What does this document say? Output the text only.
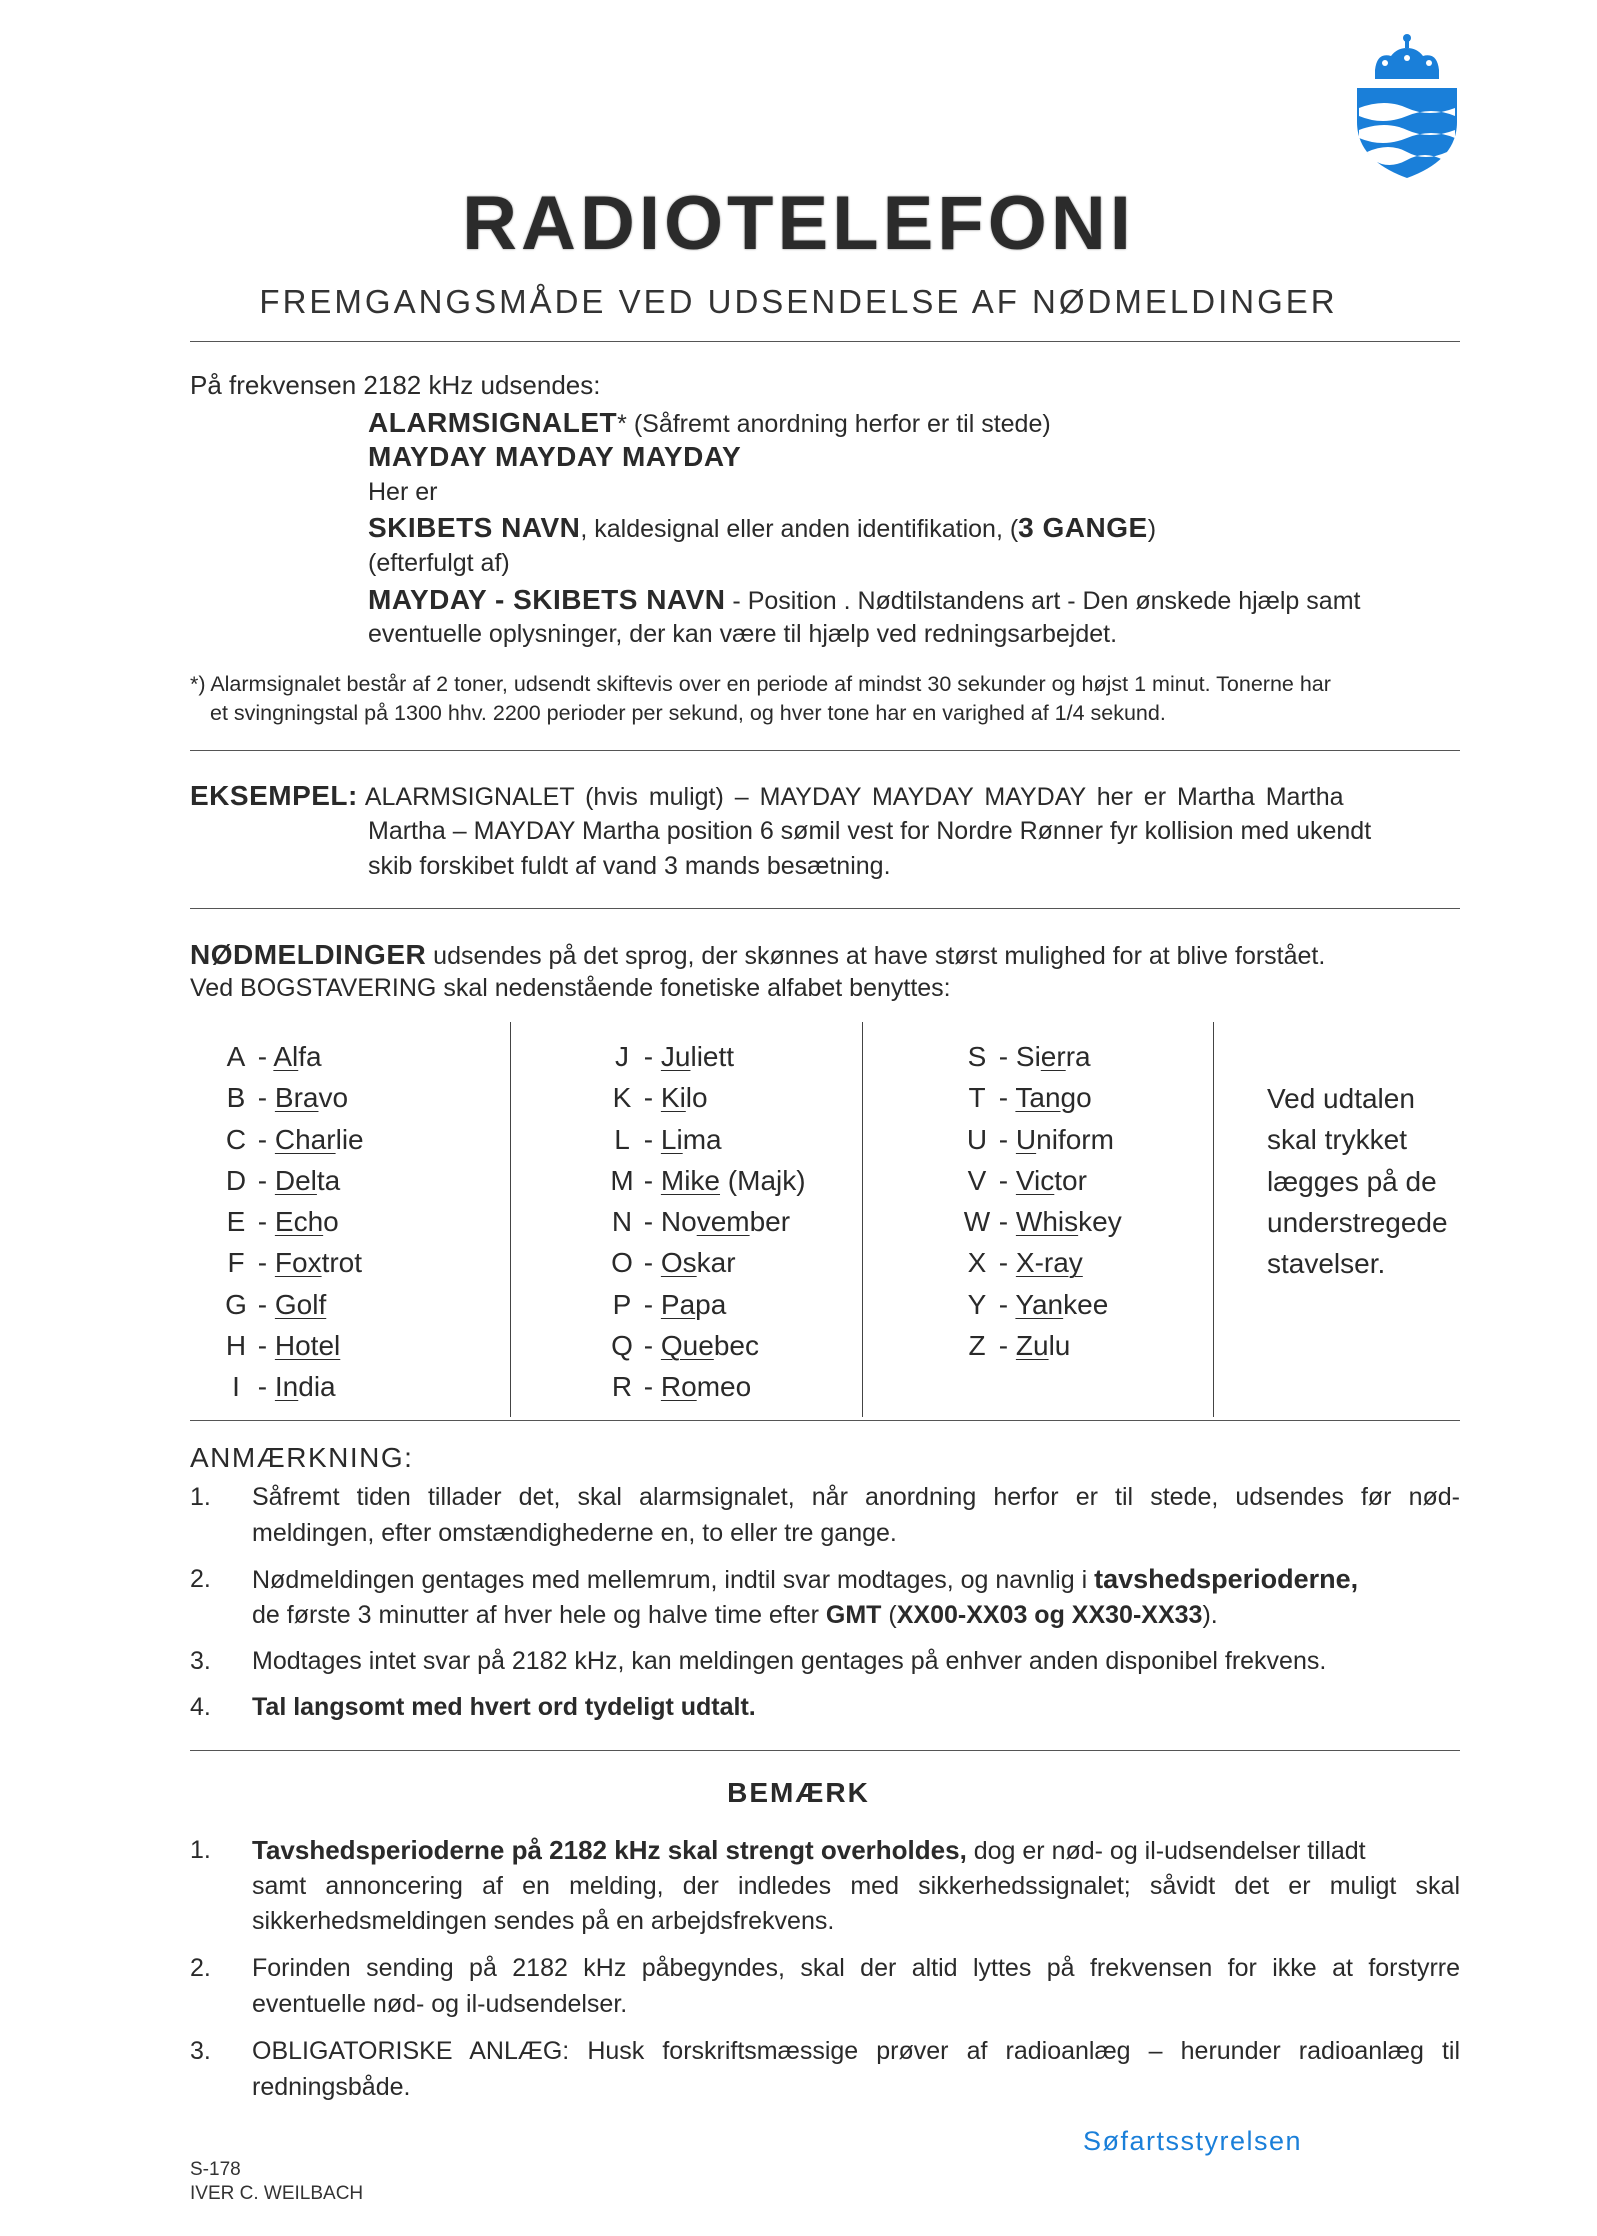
RADIOTELEFONI
FREMGANGSMÅDE VED UDSENDELSE AF NØDMELDINGER
På frekvensen 2182 kHz udsendes:
ALARMSIGNALET* (Såfremt anordning herfor er til stede)
MAYDAY MAYDAY MAYDAY
Her er
SKIBETS NAVN, kaldesignal eller anden identifikation, (3 GANGE)
(efterfulgt af)
MAYDAY - SKIBETS NAVN - Position . Nødtilstandens art - Den ønskede hjælp samt
eventuelle oplysninger, der kan være til hjælp ved redningsarbejdet.
*) Alarmsignalet består af 2 toner, udsendt skiftevis over en periode af mindst 30 sekunder og højst 1 minut. Tonerne har
et svingningstal på 1300 hhv. 2200 perioder per sekund, og hver tone har en varighed af 1/4 sekund.
EKSEMPEL: ALARMSIGNALET (hvis muligt) – MAYDAY MAYDAY MAYDAY her er Martha Martha
Martha – MAYDAY Martha position 6 sømil vest for Nordre Rønner fyr kollision med ukendt
skib forskibet fuldt af vand 3 mands besætning.
NØDMELDINGER udsendes på det sprog, der skønnes at have størst mulighed for at blive forstået.
Ved BOGSTAVERING skal nedenstående fonetiske alfabet benyttes:
A - Alfa
B - Bravo
C - Charlie
D - Delta
E - Echo
F - Foxtrot
G - Golf
H - Hotel
I - India
J - Juliett
K - Kilo
L - Lima
M - Mike (Majk)
N - November
O - Oskar
P - Papa
Q - Quebec
R - Romeo
S - Sierra
T - Tango
U - Uniform
V - Victor
W - Whiskey
X - X-ray
Y - Yankee
Z - Zulu
Ved udtalen
skal trykket
lægges på de
understregede
stavelser.
ANMÆRKNING:
1. Såfremt tiden tillader det, skal alarmsignalet, når anordning herfor er til stede, udsendes før nød-
meldingen, efter omstændighederne en, to eller tre gange.
2. Nødmeldingen gentages med mellemrum, indtil svar modtages, og navnlig i tavshedsperioderne,
de første 3 minutter af hver hele og halve time efter GMT (XX00-XX03 og XX30-XX33).
3. Modtages intet svar på 2182 kHz, kan meldingen gentages på enhver anden disponibel frekvens.
4. Tal langsomt med hvert ord tydeligt udtalt.
BEMÆRK
1. Tavshedsperioderne på 2182 kHz skal strengt overholdes, dog er nød- og il-udsendelser tilladt
samt annoncering af en melding, der indledes med sikkerhedssignalet; såvidt det er muligt skal
sikkerhedsmeldingen sendes på en arbejdsfrekvens.
2. Forinden sending på 2182 kHz påbegyndes, skal der altid lyttes på frekvensen for ikke at forstyrre
eventuelle nød- og il-udsendelser.
3. OBLIGATORISKE ANLÆG: Husk forskriftsmæssige prøver af radioanlæg – herunder radioanlæg til
redningsbåde.
Søfartsstyrelsen
S-178
IVER C. WEILBACH
